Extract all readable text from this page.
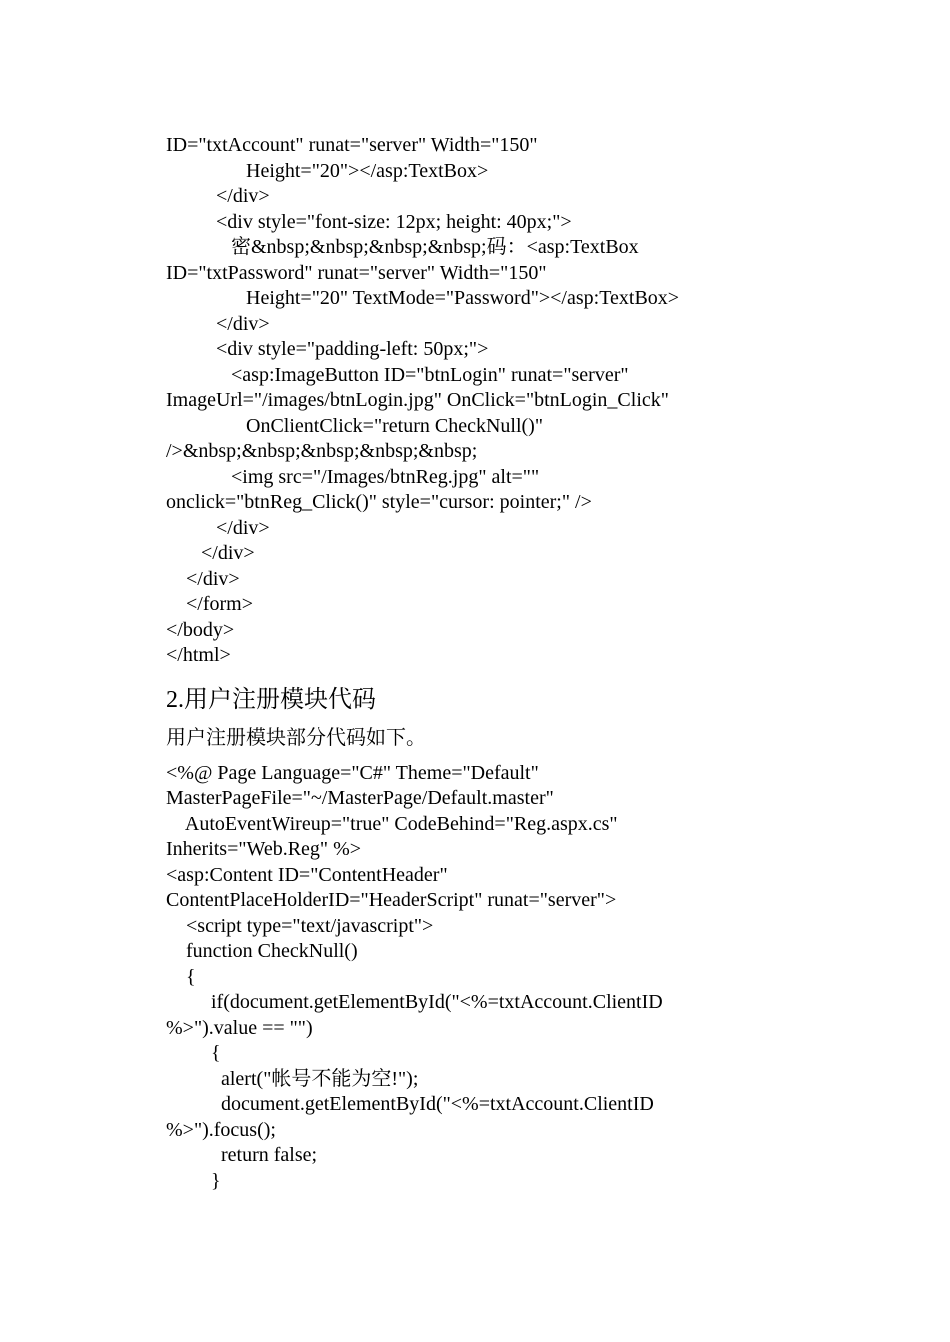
ID="txtAccount" runat="server" Width="150"
Height="20"></asp:TextBox>
</div>
<div style="font-size: 12px; height: 40px;">
密&nbsp;&nbsp;&nbsp;&nbsp;码：<asp:TextBox
ID="txtPassword" runat="server" Width="150"
Height="20" TextMode="Password"></asp:TextBox>
</div>
<div style="padding-left: 50px;">
<asp:ImageButton ID="btnLogin" runat="server"
ImageUrl="/images/btnLogin.jpg" OnClick="btnLogin_Click"
OnClientClick="return CheckNull()"
/>&nbsp;&nbsp;&nbsp;&nbsp;&nbsp;
<img src="/Images/btnReg.jpg" alt=""
onclick="btnReg_Click()" style="cursor: pointer;" />
</div>
</div>
</div>
</form>
</body>
</html>
2.用户注册模块代码
用户注册模块部分代码如下。
<%@ Page Language="C#" Theme="Default"
MasterPageFile="~/MasterPage/Default.master"
AutoEventWireup="true" CodeBehind="Reg.aspx.cs"
Inherits="Web.Reg" %>
<asp:Content ID="ContentHeader"
ContentPlaceHolderID="HeaderScript" runat="server">
<script type="text/javascript">
function CheckNull()
{
if(document.getElementById("<%=txtAccount.ClientID
%>").value == "")
{
alert("帐号不能为空!");
document.getElementById("<%=txtAccount.ClientID
%>").focus();
return false;
}
